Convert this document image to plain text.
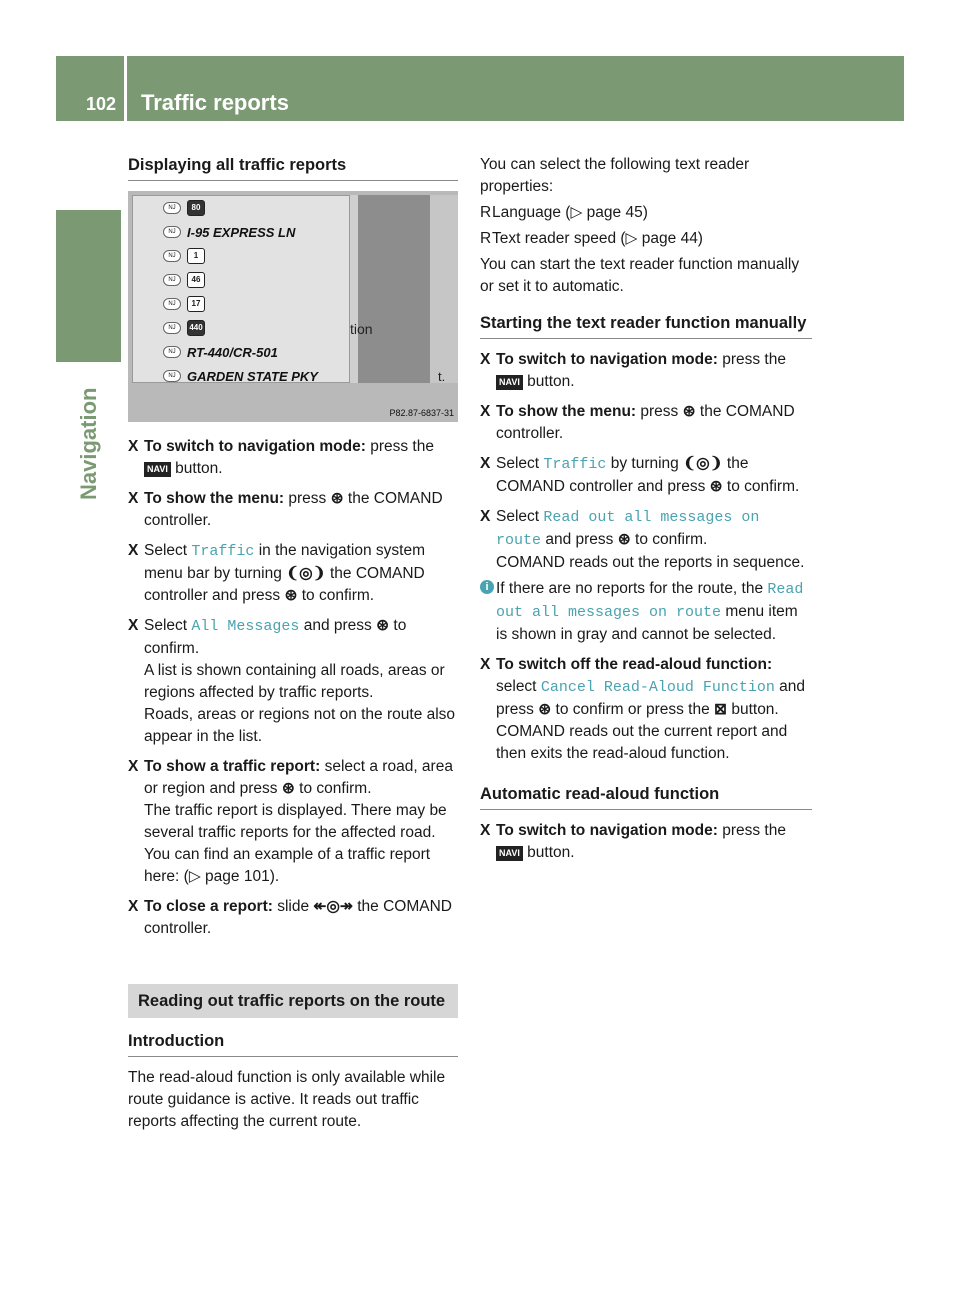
102 Traffic reports
Navigation
Displaying all traffic reports
NJ	80
NJ I-95 EXPRESS LN
NJ	1
NJ	46
NJ	17
NJ	440
NJ RT-440/CR-501
NJ GARDEN STATE PKY
tion
t.
P82.87-6837-31
X To switch to navigation mode: press the NAVI button.
X To show the menu: press ⊛ the COMAND controller.
X Select Traffic in the navigation system menu bar by turning ❨◎❩ the COMAND controller and press ⊛ to confirm.
X Select All Messages and press ⊛ to confirm.
A list is shown containing all roads, areas or regions affected by traffic reports.
Roads, areas or regions not on the route also appear in the list.
X To show a traffic report: select a road, area or region and press ⊛ to confirm.
The traffic report is displayed. There may be several traffic reports for the affected road. You can find an example of a traffic report here: (▷ page 101).
X To close a report: slide ↞◎↠ the COMAND controller.
Reading out traffic reports on the route
Introduction

The read-aloud function is only available while route guidance is active. It reads out traffic reports affecting the current route.

You can select the following text reader properties:

R Language (▷ page 45)
R Text reader speed (▷ page 44)

You can start the text reader function manually or set it to automatic.

Starting the text reader function manually
X To switch to navigation mode: press the NAVI button.
X To show the menu: press ⊛ the COMAND controller.
X Select Traffic by turning ❨◎❩ the COMAND controller and press ⊛ to confirm.
X Select Read out all messages on route and press ⊛ to confirm.
COMAND reads out the reports in sequence.
i If there are no reports for the route, the Read out all messages on route menu item is shown in gray and cannot be selected.
X To switch off the read-aloud function: select Cancel Read-Aloud Function and press ⊛ to confirm or press the ⊠ button.
COMAND reads out the current report and then exits the read-aloud function.
Automatic read-aloud function
X To switch to navigation mode: press the NAVI button.
